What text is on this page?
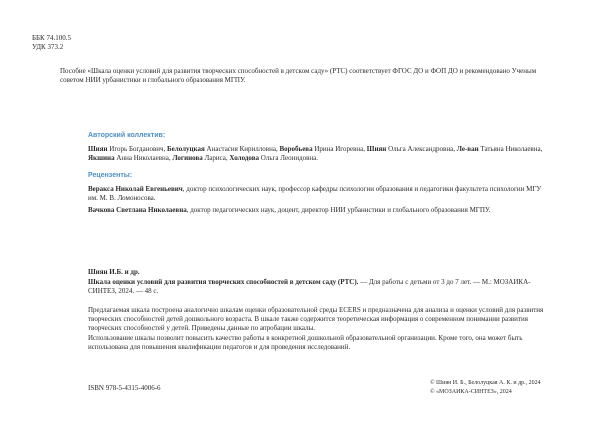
ББК 74.100.5
УДК 373.2
Пособие «Шкала оценки условий для развития творческих способностей в детском саду» (РТС) соответствует ФГОС ДО и ФОП ДО и рекомендовано Ученым советом НИИ урбанистики и глобального образования МГПУ.
Авторский коллектив:
Шиян Игорь Богданович, Белолуцкая Анастасия Кирилловна, Воробьева Ирина Игоревна, Шиян Ольга Александровна, Ле-ван Татьяна Николаевна, Якшина Анна Николаевна, Логинова Лариса, Холодова Ольга Леонидовна.
Рецензенты:
Веракса Николай Евгеньевич, доктор психологических наук, профессор кафедры психологии образования и педагогики факультета психологии МГУ им. М. В. Ломоносова.
Вачкова Светлана Николаевна, доктор педагогических наук, доцент, директор НИИ урбанистики и глобального образования МГПУ.
Шиян И.Б. и др.
Шкала оценки условий для развития творческих способностей в детском саду (РТС). — Для работы с детьми от 3 до 7 лет. — М.: МОЗАИКА-СИНТЕЗ, 2024. — 48 с.
Предлагаемая шкала построена аналогично шкалам оценки образовательной среды ECERS и предназначена для анализа и оценки условий для развития творческих способностей детей дошкольного возраста. В шкале также содержится теоретическая информация о современном понимании развития творческих способностей у детей. Приведены данные по апробации шкалы.
Использование шкалы позволит повысить качество работы в конкретной дошкольной образовательной организации. Кроме того, она может быть использована для повышения квалификации педагогов и для проведения исследований.
ISBN 978-5-4315-4006-6
© Шиян И. Б., Белолуцкая А. К. и др., 2024
© «МОЗАИКА-СИНТЕЗ», 2024
